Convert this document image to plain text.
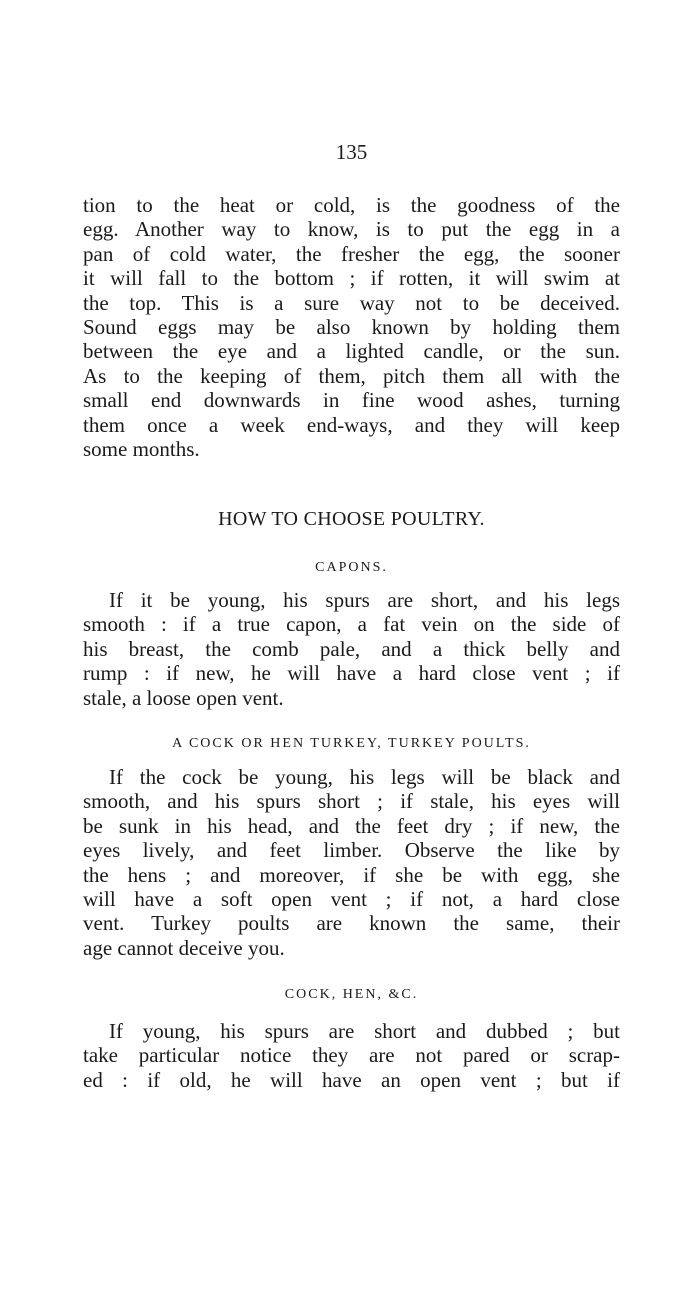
135
tion to the heat or cold, is the goodness of the
egg. Another way to know, is to put the egg in a
pan of cold water, the fresher the egg, the sooner
it will fall to the bottom ; if rotten, it will swim at
the top. This is a sure way not to be deceived.
Sound eggs may be also known by holding them
between the eye and a lighted candle, or the sun.
As to the keeping of them, pitch them all with the
small end downwards in fine wood ashes, turning
them once a week end-ways, and they will keep
some months.
HOW TO CHOOSE POULTRY.
CAPONS.
If it be young, his spurs are short, and his legs
smooth : if a true capon, a fat vein on the side of
his breast, the comb pale, and a thick belly and
rump : if new, he will have a hard close vent ; if
stale, a loose open vent.
A COCK OR HEN TURKEY, TURKEY POULTS.
If the cock be young, his legs will be black and
smooth, and his spurs short ; if stale, his eyes will
be sunk in his head, and the feet dry ; if new, the
eyes lively, and feet limber. Observe the like by
the hens ; and moreover, if she be with egg, she
will have a soft open vent ; if not, a hard close
vent. Turkey poults are known the same, their
age cannot deceive you.
COCK, HEN, &C.
If young, his spurs are short and dubbed ; but
take particular notice they are not pared or scrap-
ed : if old, he will have an open vent ; but if
